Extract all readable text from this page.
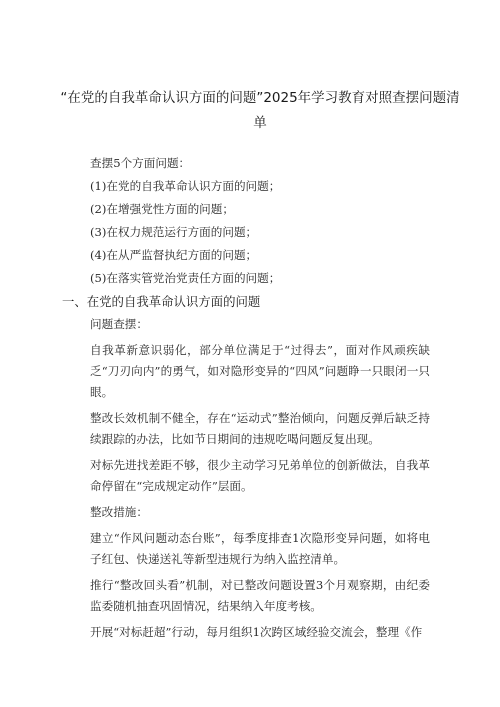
“在党的自我革命认识方面的问题”2025年学习教育对照查摆问题清单

查摆5个方面问题：

(1)在党的自我革命认识方面的问题；

(2)在增强党性方面的问题；

(3)在权力规范运行方面的问题；

(4)在从严监督执纪方面的问题；

(5)在落实管党治党责任方面的问题；

一、在党的自我革命认识方面的问题

问题查摆：

自我革新意识弱化，部分单位满足于“过得去”，面对作风顽疾缺乏“刀刃向内”的勇气，如对隐形变异的“四风”问题睁一只眼闭一只眼。

整改长效机制不健全，存在“运动式”整治倾向，问题反弹后缺乏持续跟踪的办法，比如节日期间的违规吃喝问题反复出现。

对标先进找差距不够，很少主动学习兄弟单位的创新做法，自我革命停留在“完成规定动作”层面。

整改措施：

建立“作风问题动态台账”，每季度排查1次隐形变异问题，如将电子红包、快递送礼等新型违规行为纳入监控清单。

推行“整改回头看”机制，对已整改问题设置3个月观察期，由纪委监委随机抽查巩固情况，结果纳入年度考核。

开展“对标赶超”行动，每月组织1次跨区域经验交流会，整理《作
